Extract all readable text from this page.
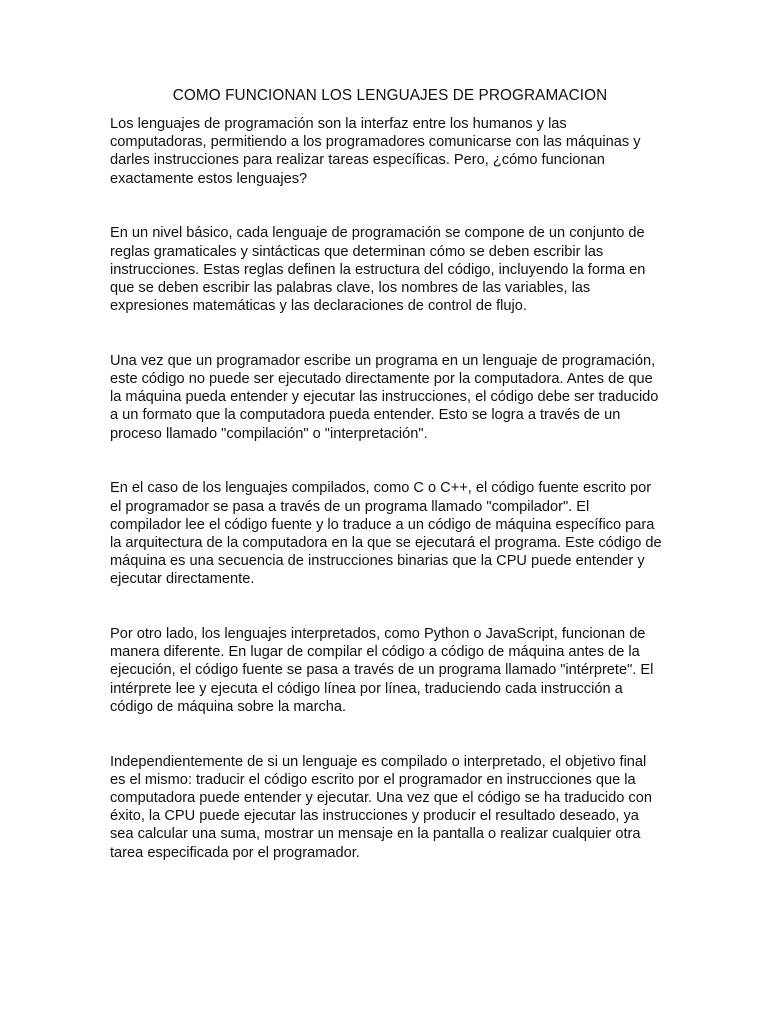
COMO FUNCIONAN LOS LENGUAJES DE PROGRAMACION

Los lenguajes de programación son la interfaz entre los humanos y las computadoras, permitiendo a los programadores comunicarse con las máquinas y darles instrucciones para realizar tareas específicas. Pero, ¿cómo funcionan exactamente estos lenguajes?

En un nivel básico, cada lenguaje de programación se compone de un conjunto de reglas gramaticales y sintácticas que determinan cómo se deben escribir las instrucciones. Estas reglas definen la estructura del código, incluyendo la forma en que se deben escribir las palabras clave, los nombres de las variables, las expresiones matemáticas y las declaraciones de control de flujo.

Una vez que un programador escribe un programa en un lenguaje de programación, este código no puede ser ejecutado directamente por la computadora. Antes de que la máquina pueda entender y ejecutar las instrucciones, el código debe ser traducido a un formato que la computadora pueda entender. Esto se logra a través de un proceso llamado "compilación" o "interpretación".

En el caso de los lenguajes compilados, como C o C++, el código fuente escrito por el programador se pasa a través de un programa llamado "compilador". El compilador lee el código fuente y lo traduce a un código de máquina específico para la arquitectura de la computadora en la que se ejecutará el programa. Este código de máquina es una secuencia de instrucciones binarias que la CPU puede entender y ejecutar directamente.

Por otro lado, los lenguajes interpretados, como Python o JavaScript, funcionan de manera diferente. En lugar de compilar el código a código de máquina antes de la ejecución, el código fuente se pasa a través de un programa llamado "intérprete". El intérprete lee y ejecuta el código línea por línea, traduciendo cada instrucción a código de máquina sobre la marcha.

Independientemente de si un lenguaje es compilado o interpretado, el objetivo final es el mismo: traducir el código escrito por el programador en instrucciones que la computadora puede entender y ejecutar. Una vez que el código se ha traducido con éxito, la CPU puede ejecutar las instrucciones y producir el resultado deseado, ya sea calcular una suma, mostrar un mensaje en la pantalla o realizar cualquier otra tarea especificada por el programador.
